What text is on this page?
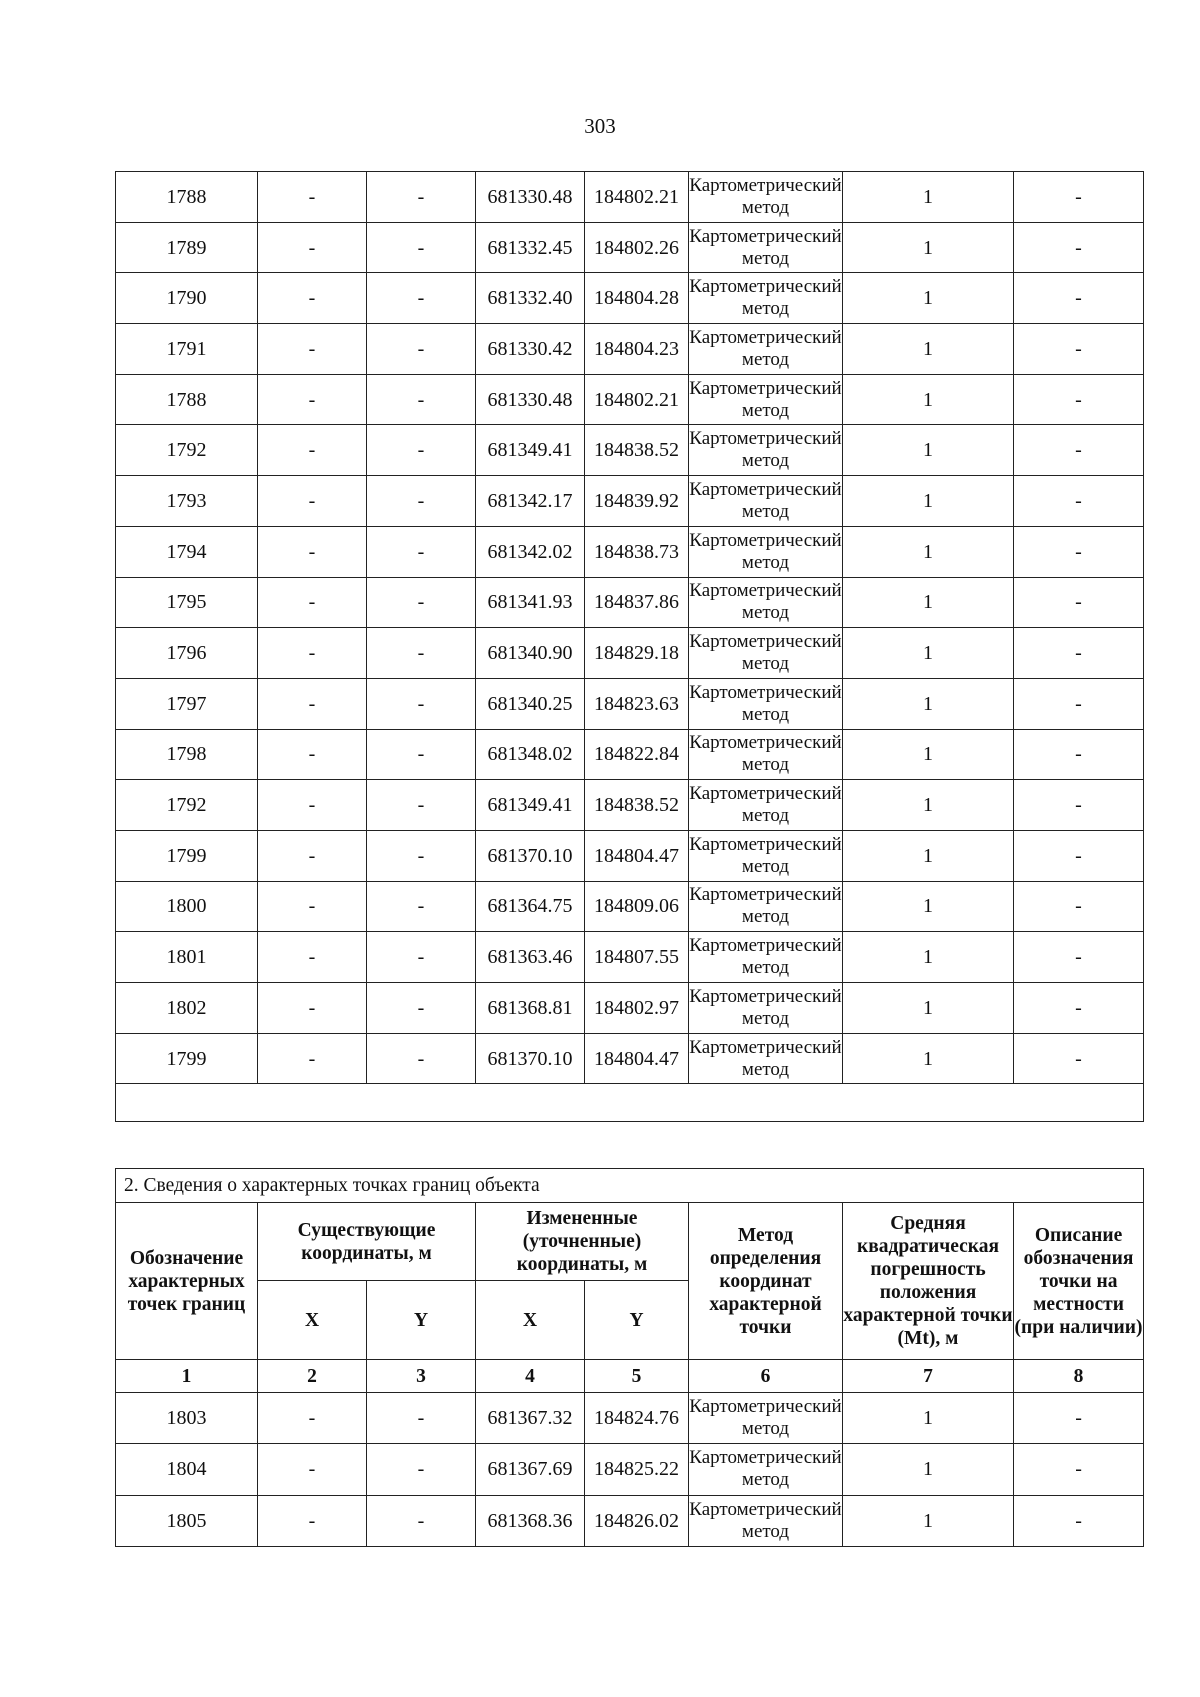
303
1788	-	-	681330.48	184802.21	Картометрический метод	1	-
1789	-	-	681332.45	184802.26	Картометрический метод	1	-
1790	-	-	681332.40	184804.28	Картометрический метод	1	-
1791	-	-	681330.42	184804.23	Картометрический метод	1	-
1788	-	-	681330.48	184802.21	Картометрический метод	1	-
1792	-	-	681349.41	184838.52	Картометрический метод	1	-
1793	-	-	681342.17	184839.92	Картометрический метод	1	-
1794	-	-	681342.02	184838.73	Картометрический метод	1	-
1795	-	-	681341.93	184837.86	Картометрический метод	1	-
1796	-	-	681340.90	184829.18	Картометрический метод	1	-
1797	-	-	681340.25	184823.63	Картометрический метод	1	-
1798	-	-	681348.02	184822.84	Картометрический метод	1	-
1792	-	-	681349.41	184838.52	Картометрический метод	1	-
1799	-	-	681370.10	184804.47	Картометрический метод	1	-
1800	-	-	681364.75	184809.06	Картометрический метод	1	-
1801	-	-	681363.46	184807.55	Картометрический метод	1	-
1802	-	-	681368.81	184802.97	Картометрический метод	1	-
1799	-	-	681370.10	184804.47	Картометрический метод	1	-

2. Сведения о характерных точках границ объекта							
Обозначение характерных точек границ	Существующие координаты, м		Измененные (уточненные) координаты, м		Метод определения координат характерной точки	Средняя квадратическая погрешность положения характерной точки (Mt), м	Описание обозначения точки на местности (при наличии)
	X	Y	X	Y			
1	2	3	4	5	6	7	8
1803	-	-	681367.32	184824.76	Картометрический метод	1	-
1804	-	-	681367.69	184825.22	Картометрический метод	1	-
1805	-	-	681368.36	184826.02	Картометрический метод	1	-
